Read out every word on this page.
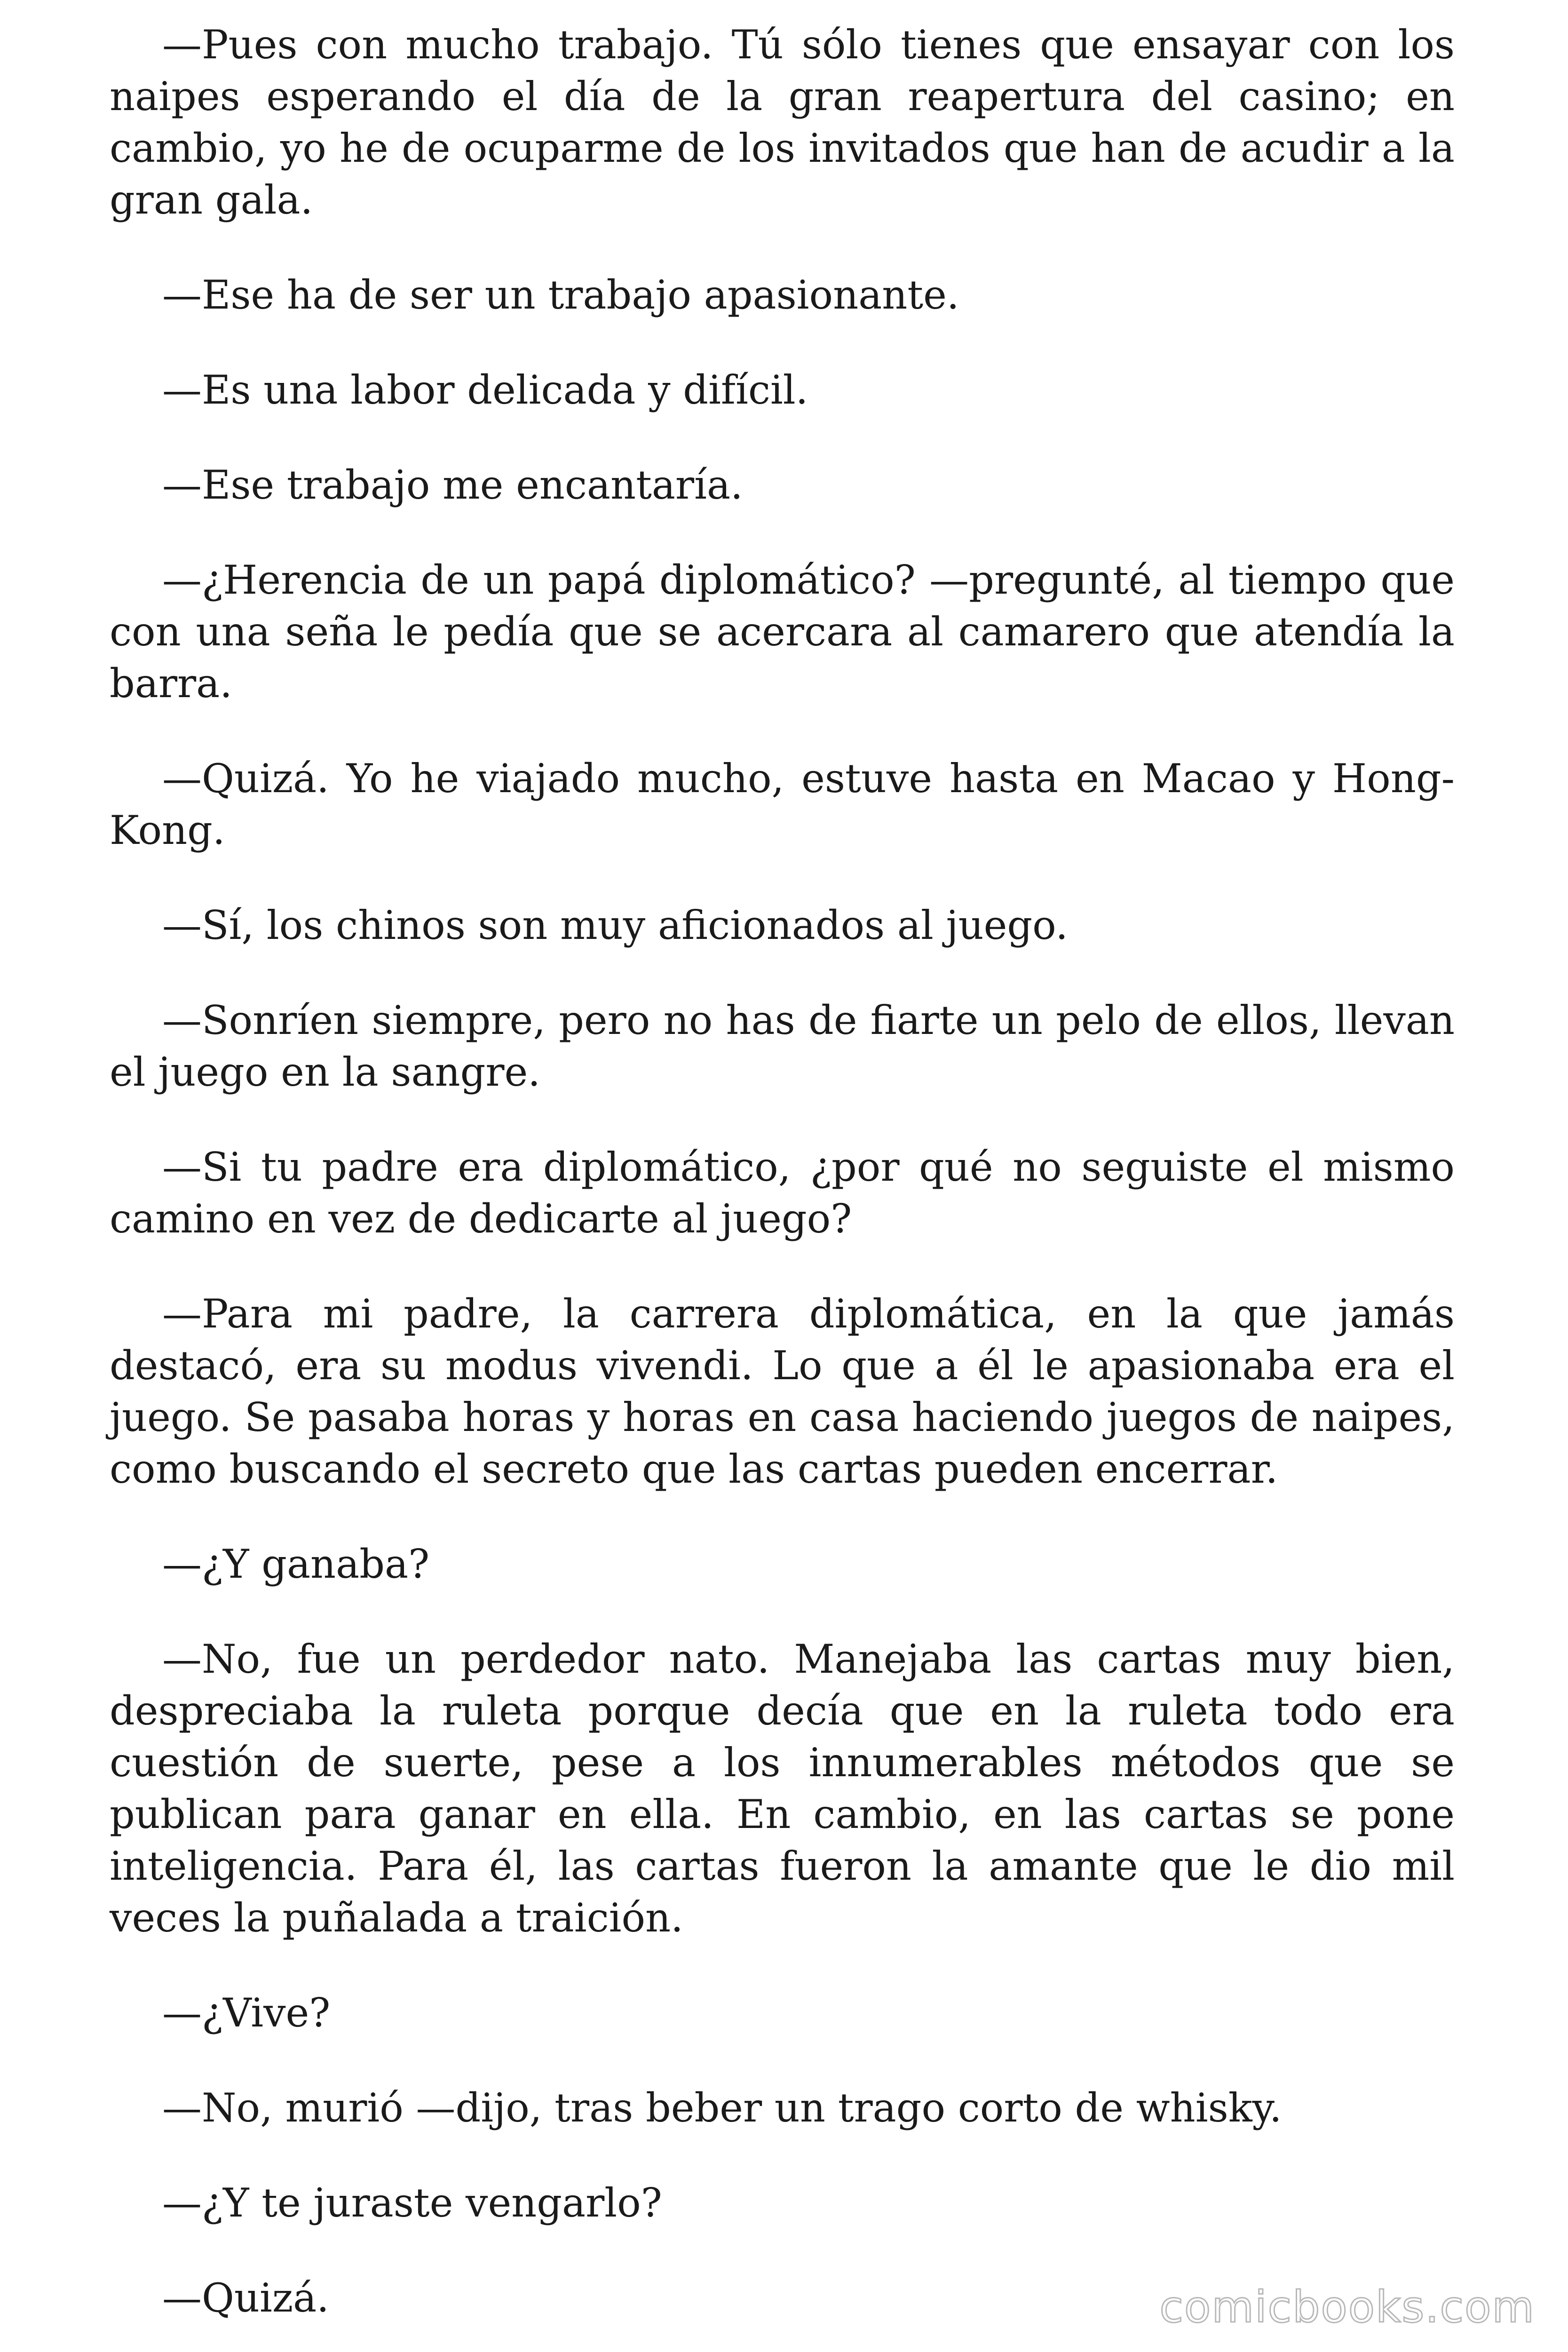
—Pues con mucho trabajo. Tú sólo tienes que ensayar con los naipes esperando el día de la gran reapertura del casino; en cambio, yo he de ocuparme de los invitados que han de acudir a la gran gala.

—Ese ha de ser un trabajo apasionante.

—Es una labor delicada y difícil.

—Ese trabajo me encantaría.

—¿Herencia de un papá diplomático? —pregunté, al tiempo que con una seña le pedía que se acercara al camarero que atendía la barra.

—Quizá. Yo he viajado mucho, estuve hasta en Macao y Hong-Kong.

—Sí, los chinos son muy aficionados al juego.

—Sonríen siempre, pero no has de fiarte un pelo de ellos, llevan el juego en la sangre.

—Si tu padre era diplomático, ¿por qué no seguiste el mismo camino en vez de dedicarte al juego?

—Para mi padre, la carrera diplomática, en la que jamás destacó, era su modus vivendi. Lo que a él le apasionaba era el juego. Se pasaba horas y horas en casa haciendo juegos de naipes, como buscando el secreto que las cartas pueden encerrar.

—¿Y ganaba?

—No, fue un perdedor nato. Manejaba las cartas muy bien, despreciaba la ruleta porque decía que en la ruleta todo era cuestión de suerte, pese a los innumerables métodos que se publican para ganar en ella. En cambio, en las cartas se pone inteligencia. Para él, las cartas fueron la amante que le dio mil veces la puñalada a traición.

—¿Vive?

—No, murió —dijo, tras beber un trago corto de whisky.

—¿Y te juraste vengarlo?

—Quizá.	comicbooks.com
